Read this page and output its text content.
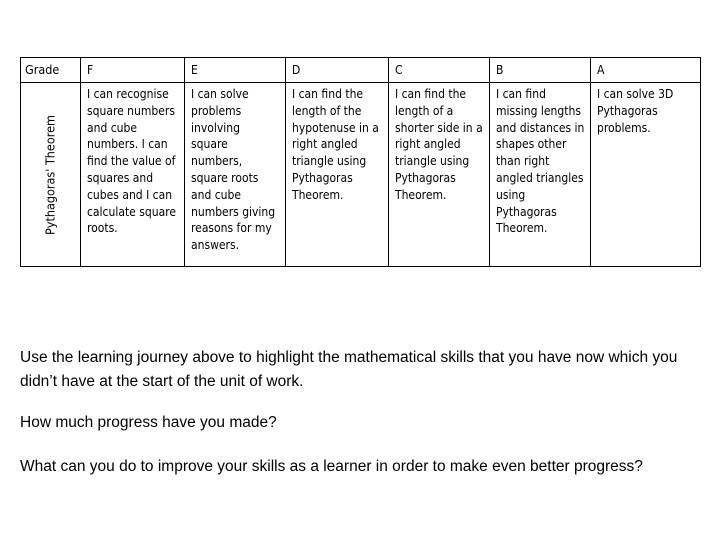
Grade	F	E	D	C	B	A

Pythagoras' Theorem	I can recognise square numbers and cube numbers. I can find the value of squares and cubes and I can calculate square roots.	I can solve problems involving square numbers, square roots and cube numbers giving reasons for my answers.	I can find the length of the hypotenuse in a right angled triangle using Pythagoras Theorem.	I can find the length of a shorter side in a right angled triangle using Pythagoras Theorem.	I can find missing lengths and distances in shapes other than right angled triangles using Pythagoras Theorem.	I can solve 3D Pythagoras problems.

Use the learning journey above to highlight the mathematical skills that you have now which you didn’t have at the start of the unit of work.

How much progress have you made?

What can you do to improve your skills as a learner in order to make even better progress?
